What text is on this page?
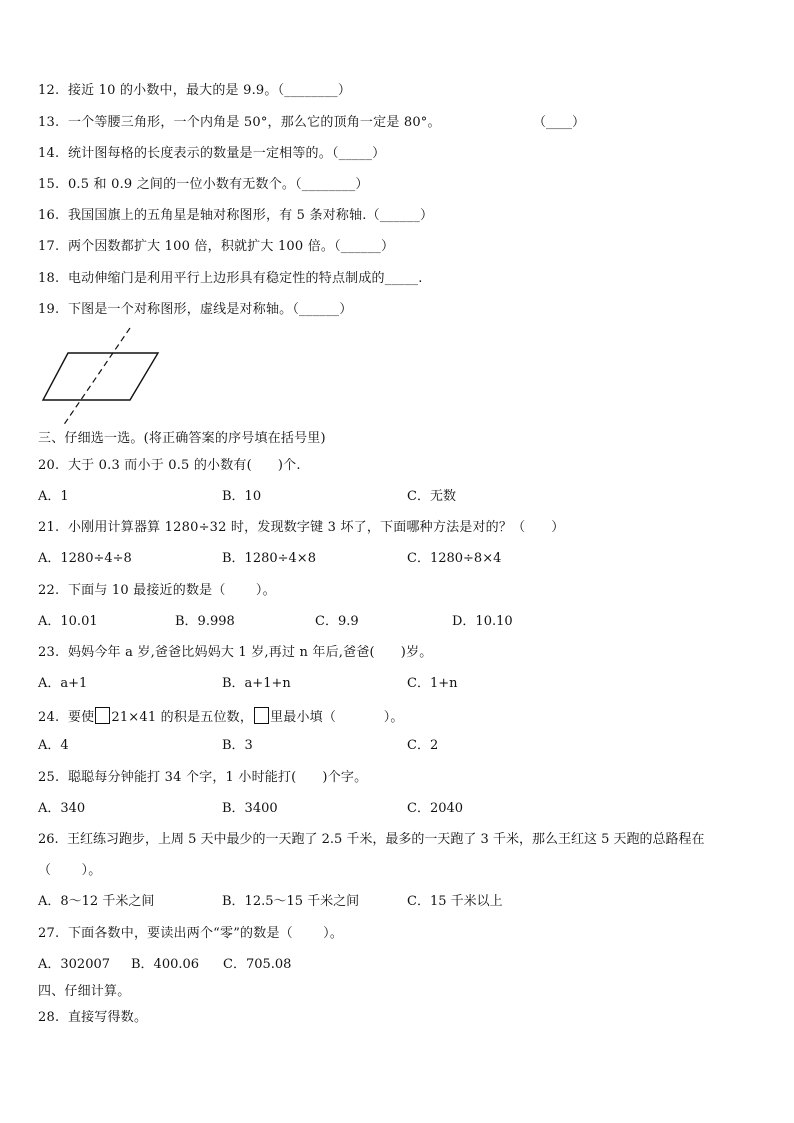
12. 接近 10 的小数中，最大的是 9.9。（________）
13. 一个等腰三角形，一个内角是 50°，那么它的顶角一定是 80°。	（____）
14. 统计图每格的长度表示的数量是一定相等的。（_____）
15. 0.5 和 0.9 之间的一位小数有无数个。（________）
16. 我国国旗上的五角星是轴对称图形，有 5 条对称轴.（______）
17. 两个因数都扩大 100 倍，积就扩大 100 倍。（______）
18. 电动伸缩门是利用平行上边形具有稳定性的特点制成的_____.
19. 下图是一个对称图形，虚线是对称轴。（______）
三、仔细选一选。(将正确答案的序号填在括号里)
20. 大于 0.3 而小于 0.5 的小数有(      )个.
A．1	B．10	C．无数
21. 小刚用计算器算 1280÷32 时，发现数字键 3 坏了，下面哪种方法是对的？（      ）
A．1280÷4÷8	B．1280÷4×8	C．1280÷8×4
22. 下面与 10 最接近的数是（       ）。
A．10.01	B．9.998	C．9.9	D．10.10
23. 妈妈今年 a 岁,爸爸比妈妈大 1 岁,再过 n 年后,爸爸(      )岁。
A．a+1	B．a+1+n	C．1+n
24. 要使 21×41 的积是五位数， 里最小填（           ）。
A．4	B．3	C．2
25. 聪聪每分钟能打 34 个字，1 小时能打(      )个字。
A．340	B．3400	C．2040
26. 王红练习跑步，上周 5 天中最少的一天跑了 2.5 千米，最多的一天跑了 3 千米，那么王红这 5 天跑的总路程在
（       ）。
A．8～12 千米之间	B．12.5～15 千米之间	C．15 千米以上
27. 下面各数中，要读出两个“零”的数是（       ）。
A．302007 B．400.06 C．705.08
四、仔细计算。
28. 直接写得数。
